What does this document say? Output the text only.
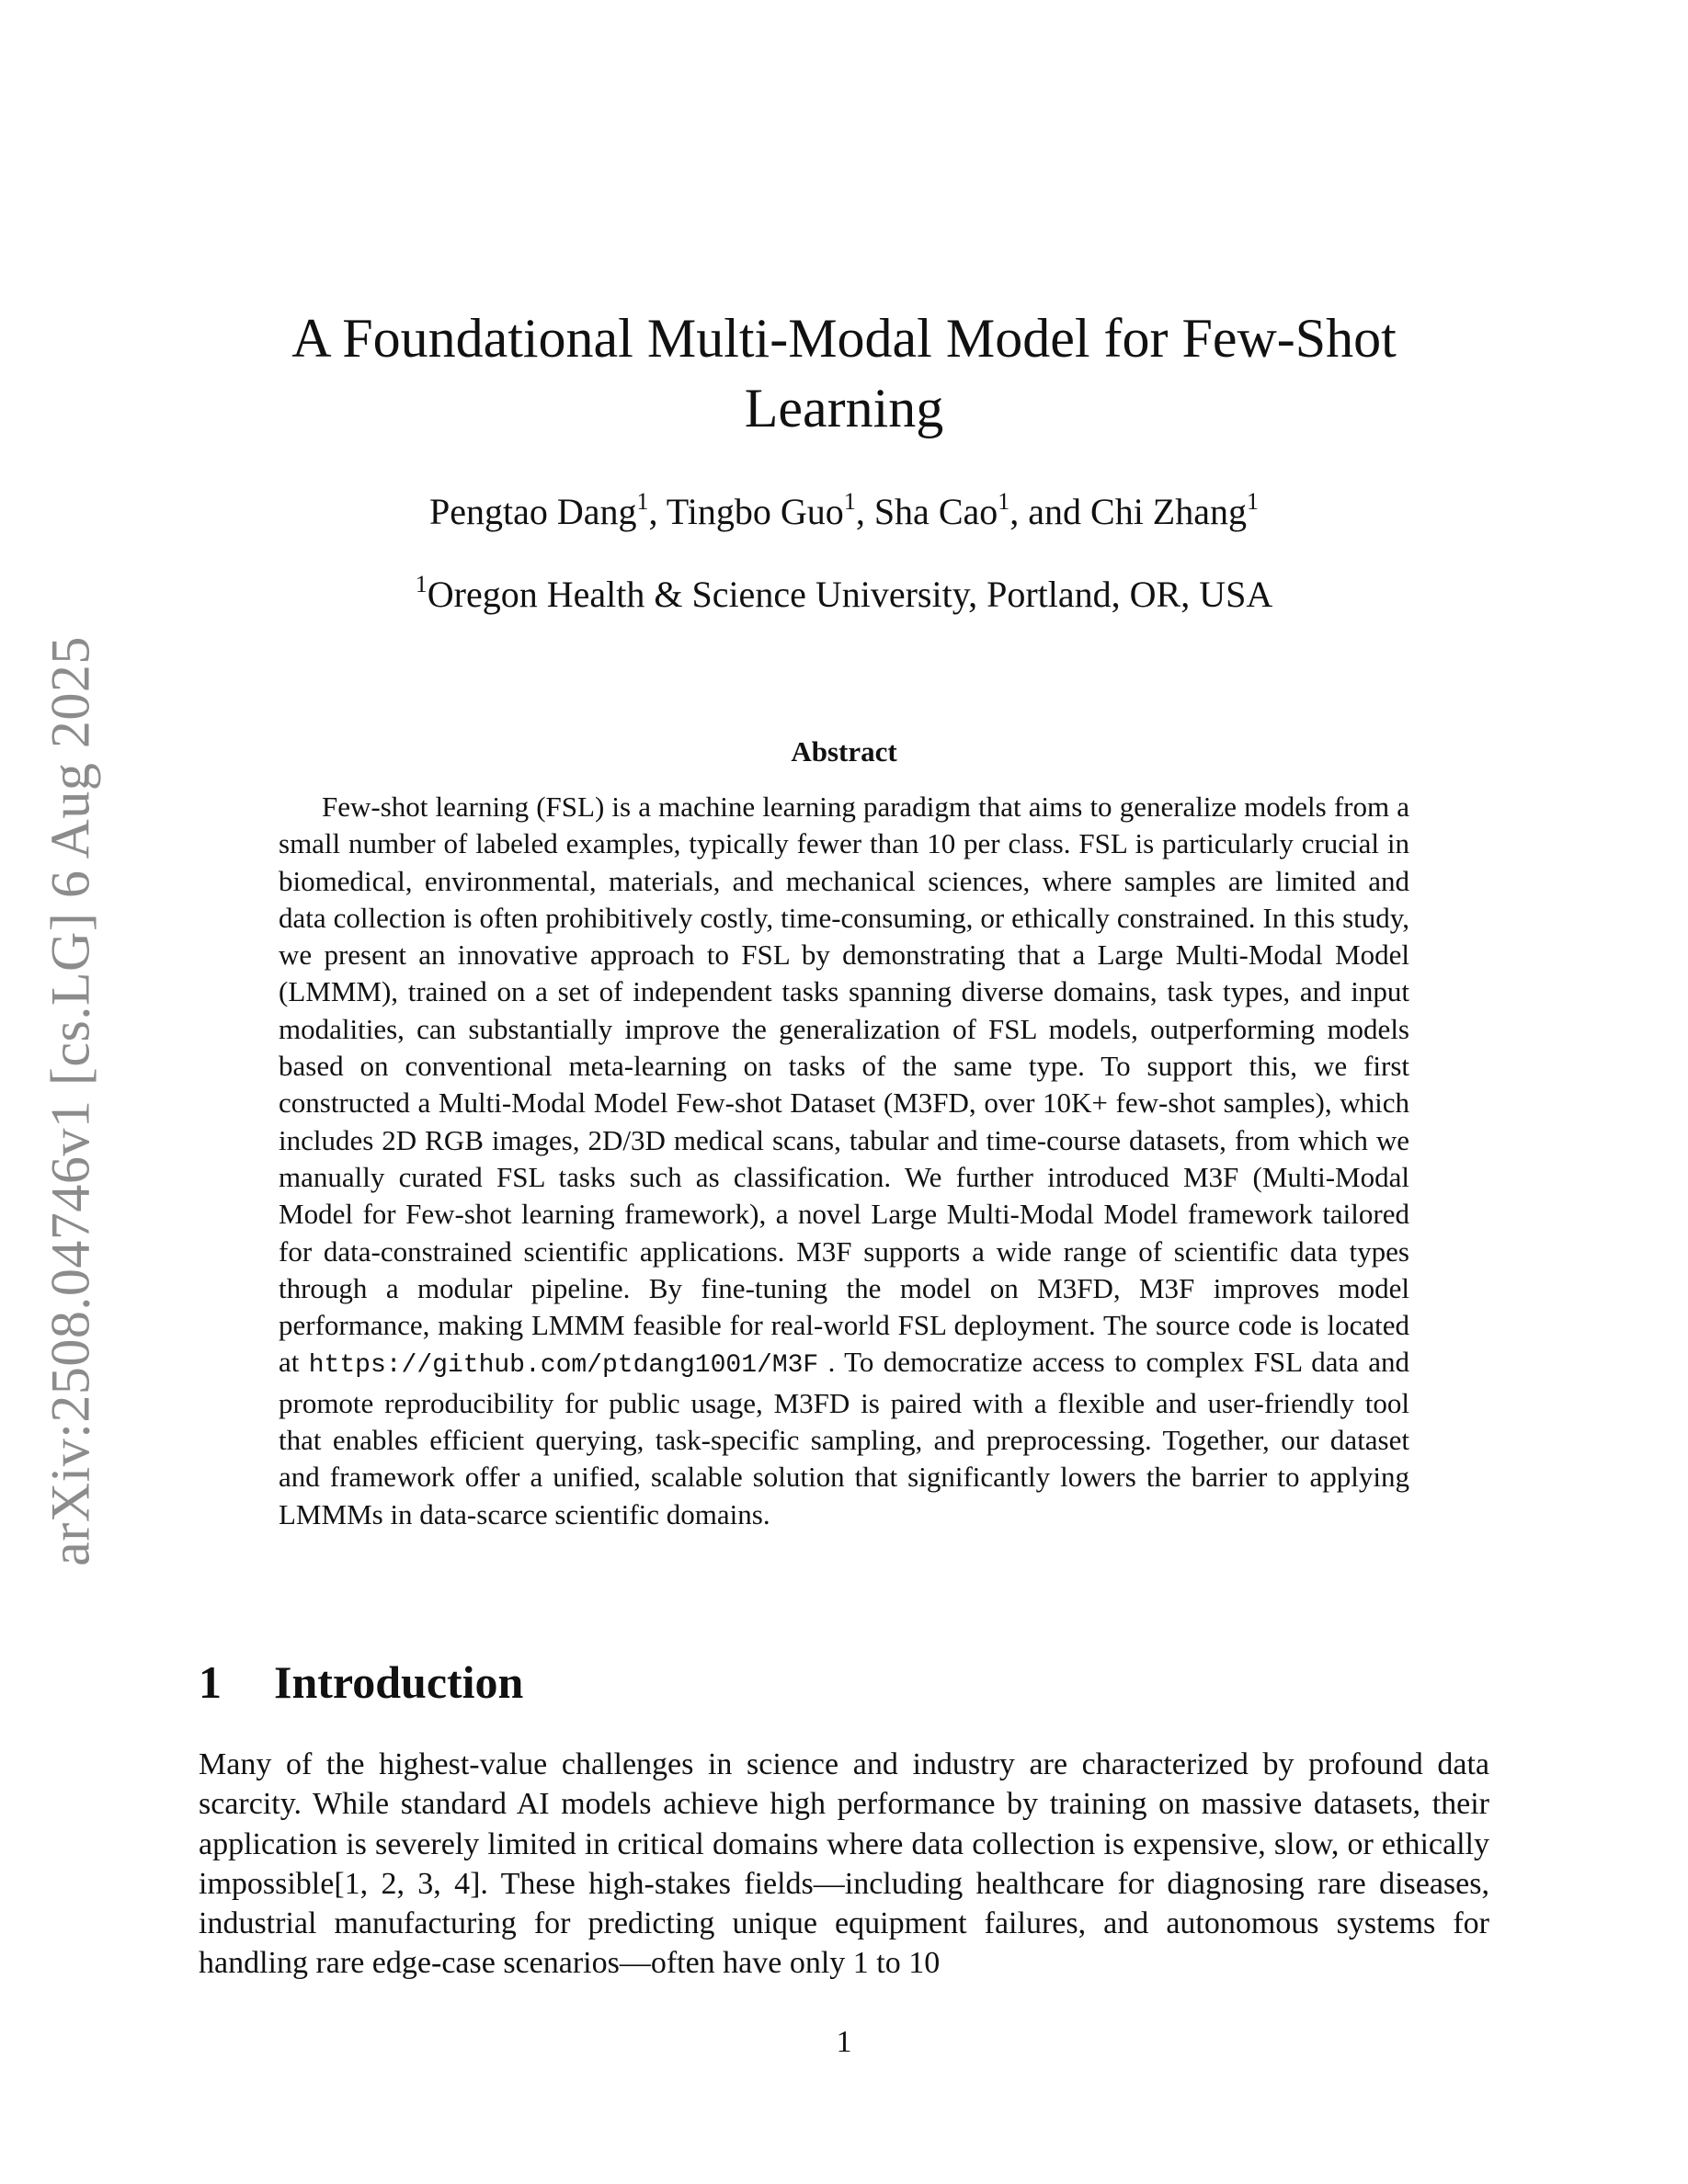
arXiv:2508.04746v1 [cs.LG] 6 Aug 2025
A Foundational Multi-Modal Model for Few-Shot Learning
Pengtao Dang$^1$, Tingbo Guo$^1$, Sha Cao$^1$, and Chi Zhang$^1$
$^1$Oregon Health & Science University, Portland, OR, USA
Abstract

Few-shot learning (FSL) is a machine learning paradigm that aims to generalize models from a small number of labeled examples, typically fewer than 10 per class. FSL is particularly crucial in biomedical, environmental, materials, and mechanical sciences, where samples are limited and data collection is often prohibitively costly, time-consuming, or ethically constrained. In this study, we present an innovative approach to FSL by demonstrating that a Large Multi-Modal Model (LMMM), trained on a set of independent tasks spanning diverse domains, task types, and input modalities, can substantially improve the generalization of FSL models, outperforming models based on conventional meta-learning on tasks of the same type. To support this, we first constructed a Multi-Modal Model Few-shot Dataset (M3FD, over 10K+ few-shot samples), which includes 2D RGB images, 2D/3D medical scans, tabular and time-course datasets, from which we manually curated FSL tasks such as classification. We further introduced M3F (Multi-Modal Model for Few-shot learning framework), a novel Large Multi-Modal Model framework tailored for data-constrained scientific applications. M3F supports a wide range of scientific data types through a modular pipeline. By fine-tuning the model on M3FD, M3F improves model performance, making LMMM feasible for real-world FSL deployment. The source code is located at https://github.com/ptdang1001/M3F . To democratize access to complex FSL data and promote reproducibility for public usage, M3FD is paired with a flexible and user-friendly tool that enables efficient querying, task-specific sampling, and preprocessing. Together, our dataset and framework offer a unified, scalable solution that significantly lowers the barrier to applying LMMMs in data-scarce scientific domains.

1 Introduction

Many of the highest-value challenges in science and industry are characterized by profound data scarcity. While standard AI models achieve high performance by training on massive datasets, their application is severely limited in critical domains where data collection is expensive, slow, or ethically impossible[1, 2, 3, 4]. These high-stakes fields—including healthcare for diagnosing rare diseases, industrial manufacturing for predicting unique equipment failures, and autonomous systems for handling rare edge-case scenarios—often have only 1 to 10

1
